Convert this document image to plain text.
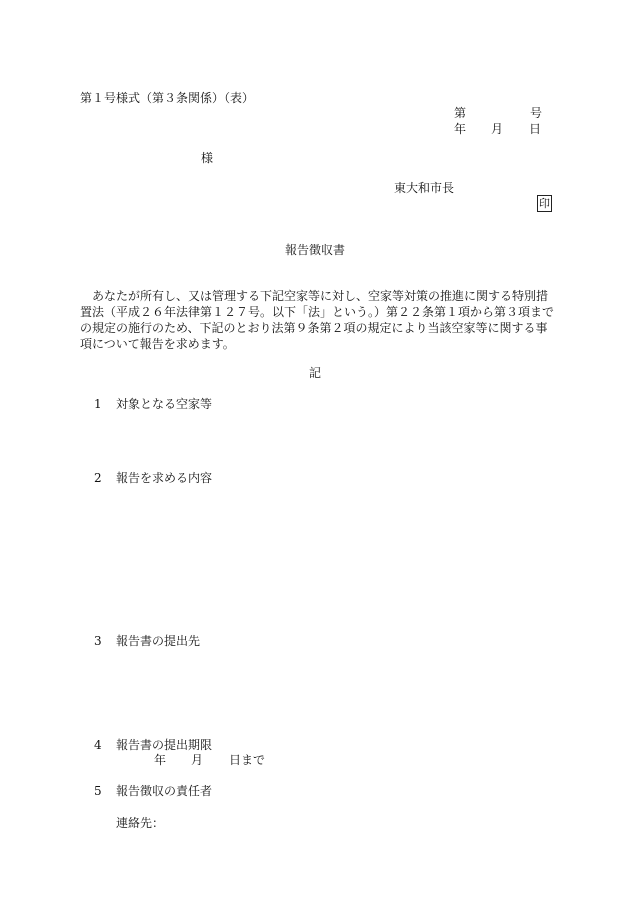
第１号様式（第３条関係）（表）
第	号
年 月 日
様
東大和市長
印
報告徴収書
あなたが所有し、又は管理する下記空家等に対し、空家等対策の推進に関する特別措置法（平成２６年法律第１２７号。以下「法」という。）第２２条第１項から第３項までの規定の施行のため、下記のとおり法第９条第２項の規定により当該空家等に関する事項について報告を求めます。
記
1 対象となる空家等
2 報告を求める内容
3 報告書の提出先
4 報告書の提出期限
年 月 日まで
5 報告徴収の責任者
連絡先：
